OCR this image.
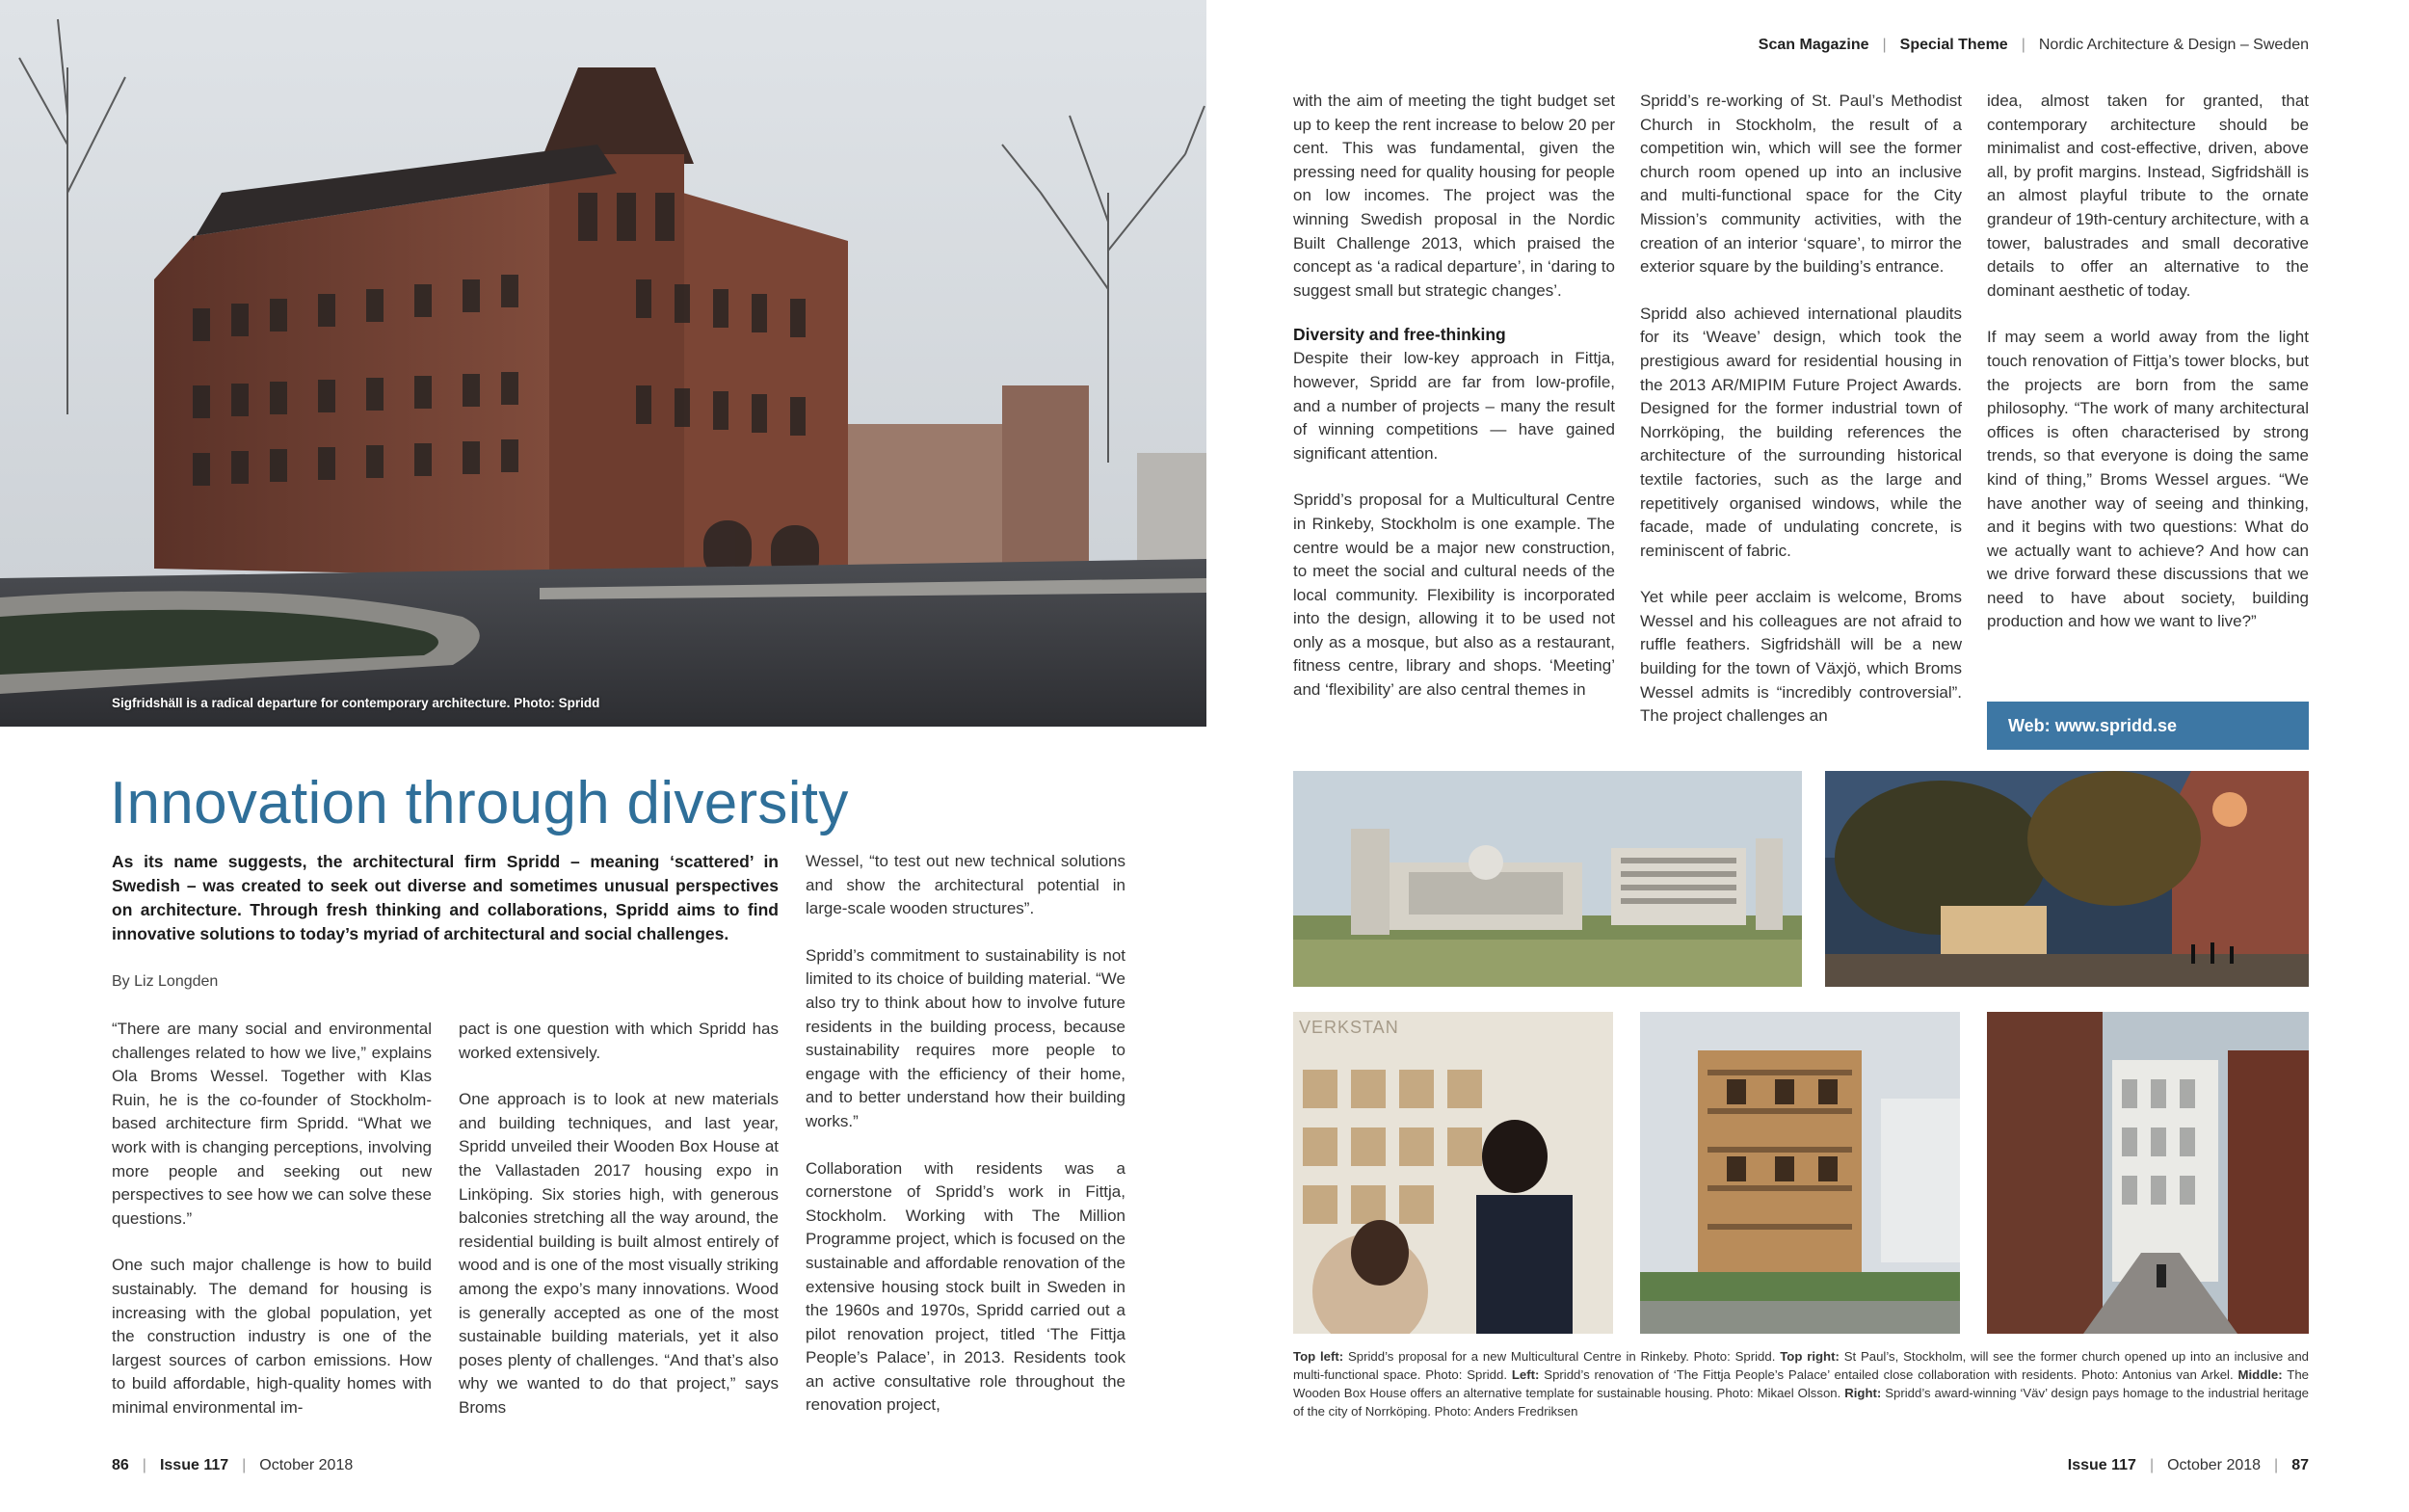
Sigfridshäll is a radical departure for contemporary architecture. Photo: Spridd
Innovation through diversity
As its name suggests, the architectural firm Spridd – meaning ‘scattered’ in Swedish – was created to seek out diverse and sometimes unusual perspectives on architecture. Through fresh thinking and collaborations, Spridd aims to find innovative solutions to today’s myriad of architectural and social challenges.
By Liz Longden

“There are many social and environmental challenges related to how we live,” explains Ola Broms Wessel. Together with Klas Ruin, he is the co-founder of Stockholm-based architecture firm Spridd. “What we work with is changing perceptions, involving more people and seeking out new perspectives to see how we can solve these questions.”

One such major challenge is how to build sustainably. The demand for housing is increasing with the global population, yet the construction industry is one of the largest sources of carbon emissions. How to build affordable, high-quality homes with minimal environmental im-

pact is one question with which Spridd has worked extensively.

One approach is to look at new materials and building techniques, and last year, Spridd unveiled their Wooden Box House at the Vallastaden 2017 housing expo in Linköping. Six stories high, with generous balconies stretching all the way around, the residential building is built almost entirely of wood and is one of the most visually striking among the expo’s many innovations. Wood is generally accepted as one of the most sustainable building materials, yet it also poses plenty of challenges. “And that’s also why we wanted to do that project,” says Broms

Wessel, “to test out new technical solutions and show the architectural potential in large-scale wooden structures”.

Spridd’s commitment to sustainability is not limited to its choice of building material. “We also try to think about how to involve future residents in the building process, because sustainability requires more people to engage with the efficiency of their home, and to better understand how their building works.”

Collaboration with residents was a cornerstone of Spridd’s work in Fittja, Stockholm. Working with The Million Programme project, which is focused on the sustainable and affordable renovation of the extensive housing stock built in Sweden in the 1960s and 1970s, Spridd carried out a pilot renovation project, titled ‘The Fittja People’s Palace’, in 2013. Residents took an active consultative role throughout the renovation project,

86 | Issue 117 | October 2018
Scan Magazine | Special Theme | Nordic Architecture & Design – Sweden

with the aim of meeting the tight budget set up to keep the rent increase to below 20 per cent. This was fundamental, given the pressing need for quality housing for people on low incomes. The project was the winning Swedish proposal in the Nordic Built Challenge 2013, which praised the concept as ‘a radical departure’, in ‘daring to suggest small but strategic changes’.

Diversity and free-thinking

Despite their low-key approach in Fittja, however, Spridd are far from low-profile, and a number of projects – many the result of winning competitions — have gained significant attention.

Spridd’s proposal for a Multicultural Centre in Rinkeby, Stockholm is one example. The centre would be a major new construction, to meet the social and cultural needs of the local community. Flexibility is incorporated into the design, allowing it to be used not only as a mosque, but also as a restaurant, fitness centre, library and shops. ‘Meeting’ and ‘flexibility’ are also central themes in

Spridd’s re-working of St. Paul’s Methodist Church in Stockholm, the result of a competition win, which will see the former church room opened up into an inclusive and multi-functional space for the City Mission’s community activities, with the creation of an interior ‘square’, to mirror the exterior square by the building’s entrance.

Spridd also achieved international plaudits for its ‘Weave’ design, which took the prestigious award for residential housing in the 2013 AR/MIPIM Future Project Awards. Designed for the former industrial town of Norrköping, the building references the architecture of the surrounding historical textile factories, such as the large and repetitively organised windows, while the facade, made of undulating concrete, is reminiscent of fabric.

Yet while peer acclaim is welcome, Broms Wessel and his colleagues are not afraid to ruffle feathers. Sigfridshäll will be a new building for the town of Växjö, which Broms Wessel admits is “incredibly controversial”. The project challenges an

idea, almost taken for granted, that contemporary architecture should be minimalist and cost-effective, driven, above all, by profit margins. Instead, Sigfridshäll is an almost playful tribute to the ornate grandeur of 19th-century architecture, with a tower, balustrades and small decorative details to offer an alternative to the dominant aesthetic of today.

If may seem a world away from the light touch renovation of Fittja’s tower blocks, but the projects are born from the same philosophy. “The work of many architectural offices is often characterised by strong trends, so that everyone is doing the same kind of thing,” Broms Wessel argues. “We have another way of seeing and thinking, and it begins with two questions: What do we actually want to achieve? And how can we drive forward these discussions that we need to have about society, building production and how we want to live?”

Web: www.spridd.se
VERKSTAN
Top left: Spridd’s proposal for a new Multicultural Centre in Rinkeby. Photo: Spridd. Top right: St Paul’s, Stockholm, will see the former church opened up into an inclusive and multi-functional space. Photo: Spridd. Left: Spridd’s renovation of ‘The Fittja People’s Palace’ entailed close collaboration with residents. Photo: Antonius van Arkel. Middle: The Wooden Box House offers an alternative template for sustainable housing. Photo: Mikael Olsson. Right: Spridd’s award-winning ‘Väv’ design pays homage to the industrial heritage of the city of Norrköping. Photo: Anders Fredriksen
Issue 117 | October 2018 | 87
